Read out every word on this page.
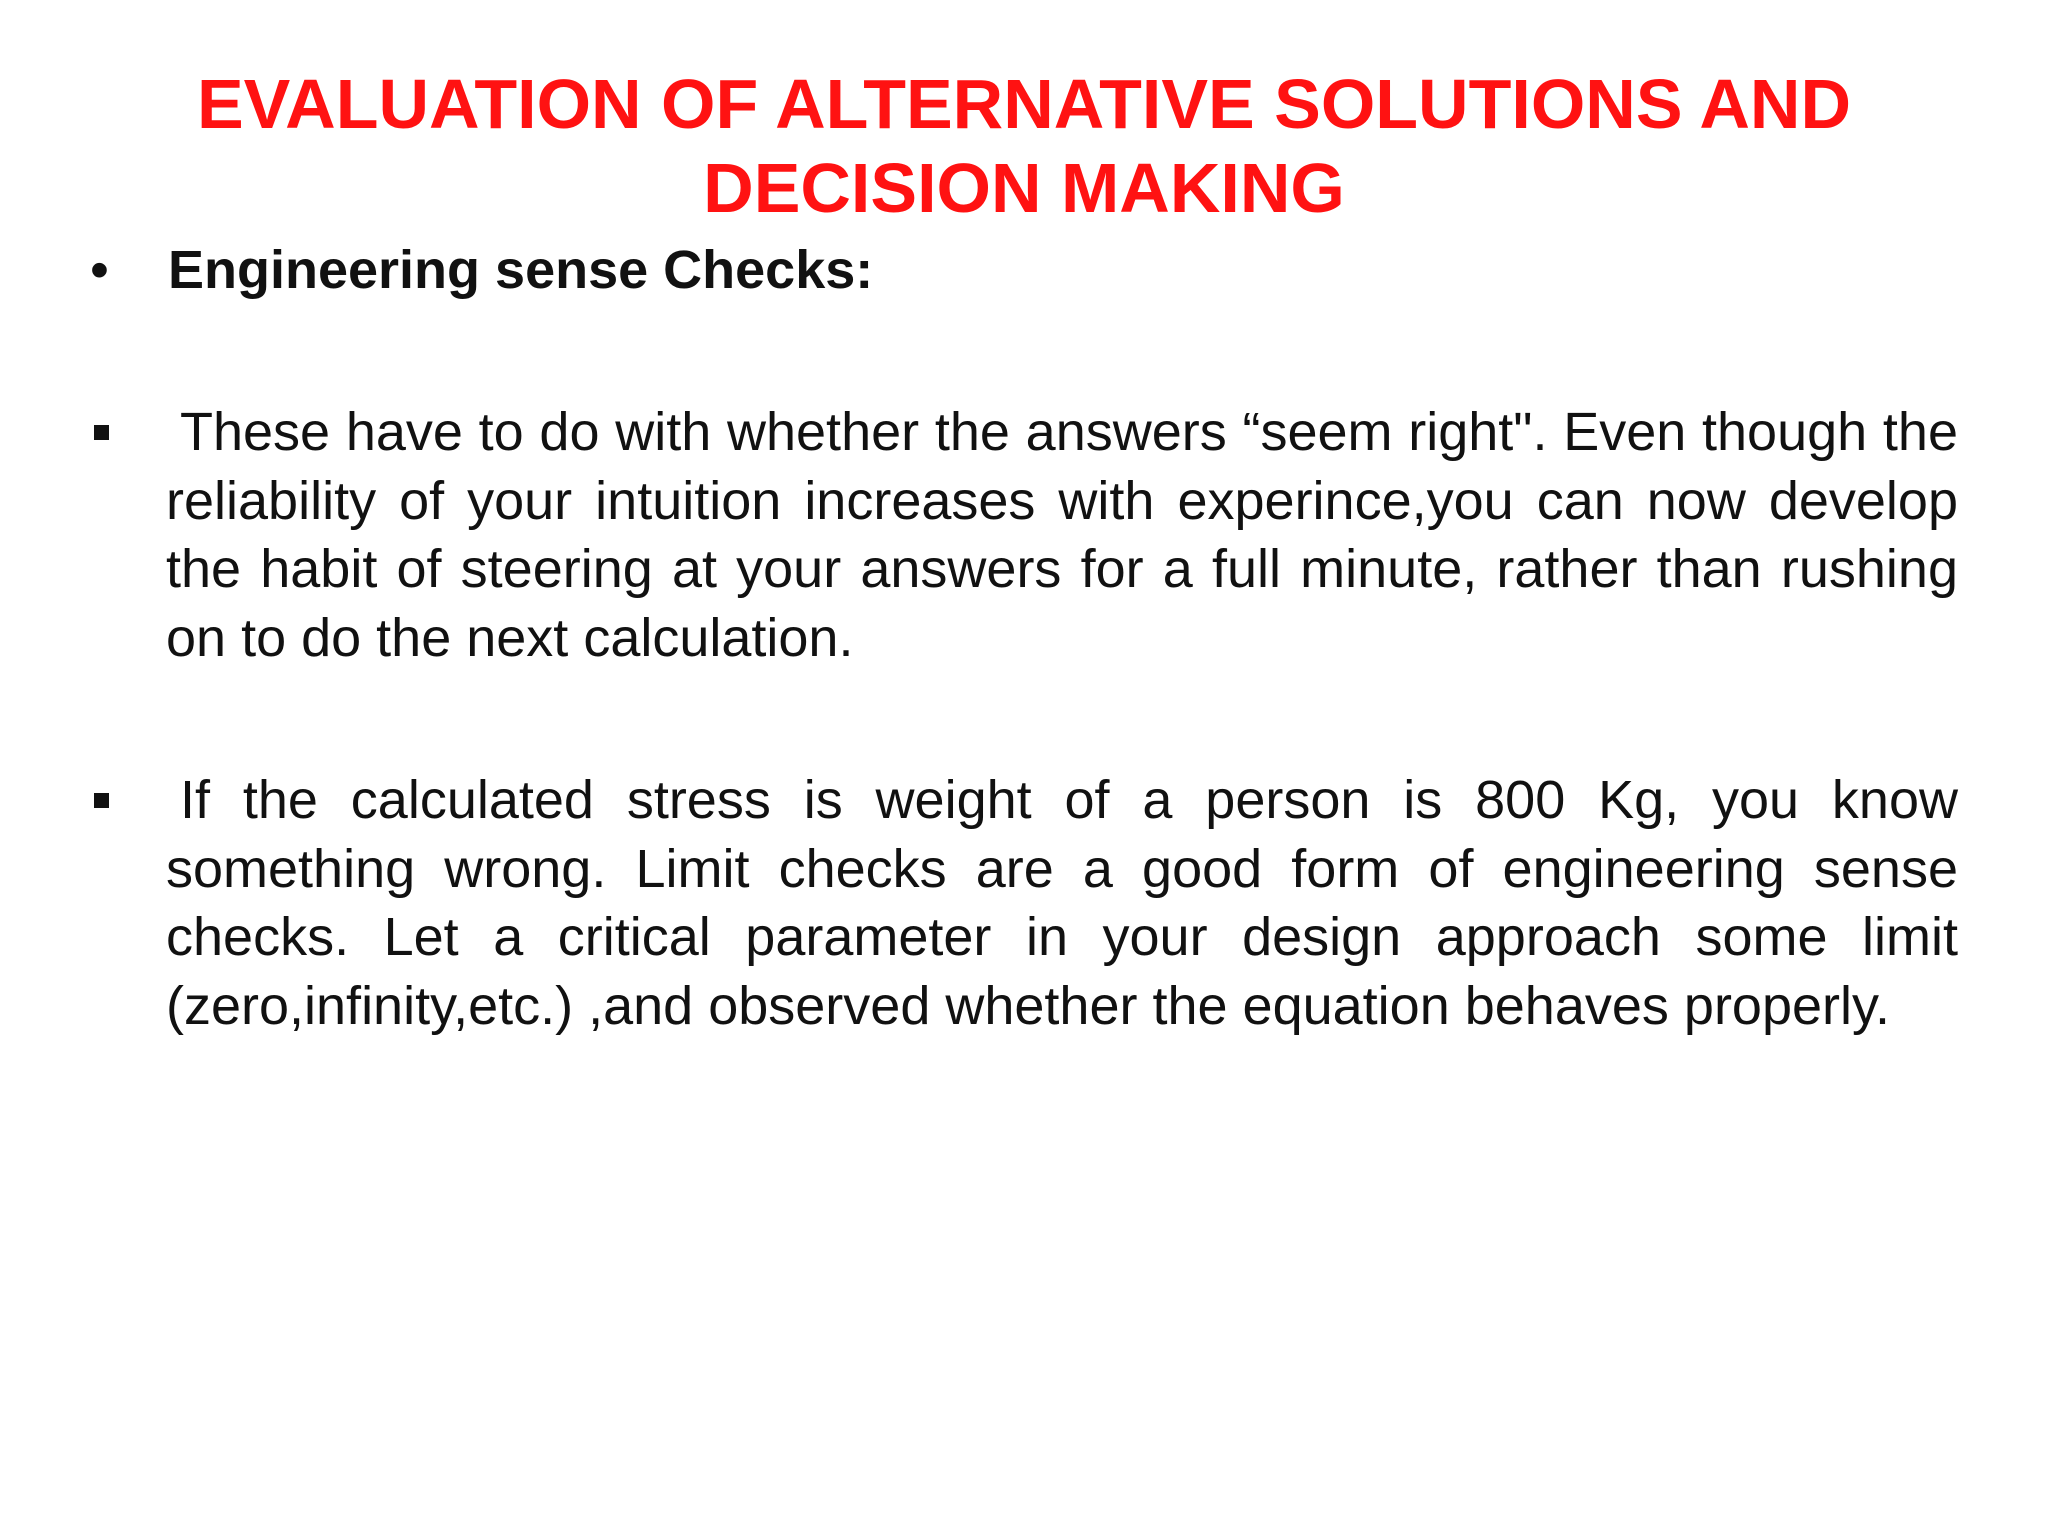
EVALUATION OF ALTERNATIVE SOLUTIONS AND
DECISION MAKING
• Engineering sense Checks:

These have to do with whether the answers “seem right". Even though the reliability of your intuition increases with experince,you can now develop the habit of steering at your answers for a full minute, rather than rushing on to do the next calculation.

If the calculated stress is weight of a person is 800 Kg, you know something wrong. Limit checks are a good form of engineering sense checks. Let a critical parameter in your design approach some limit (zero,infinity,etc.) ,and observed whether the equation behaves properly.
